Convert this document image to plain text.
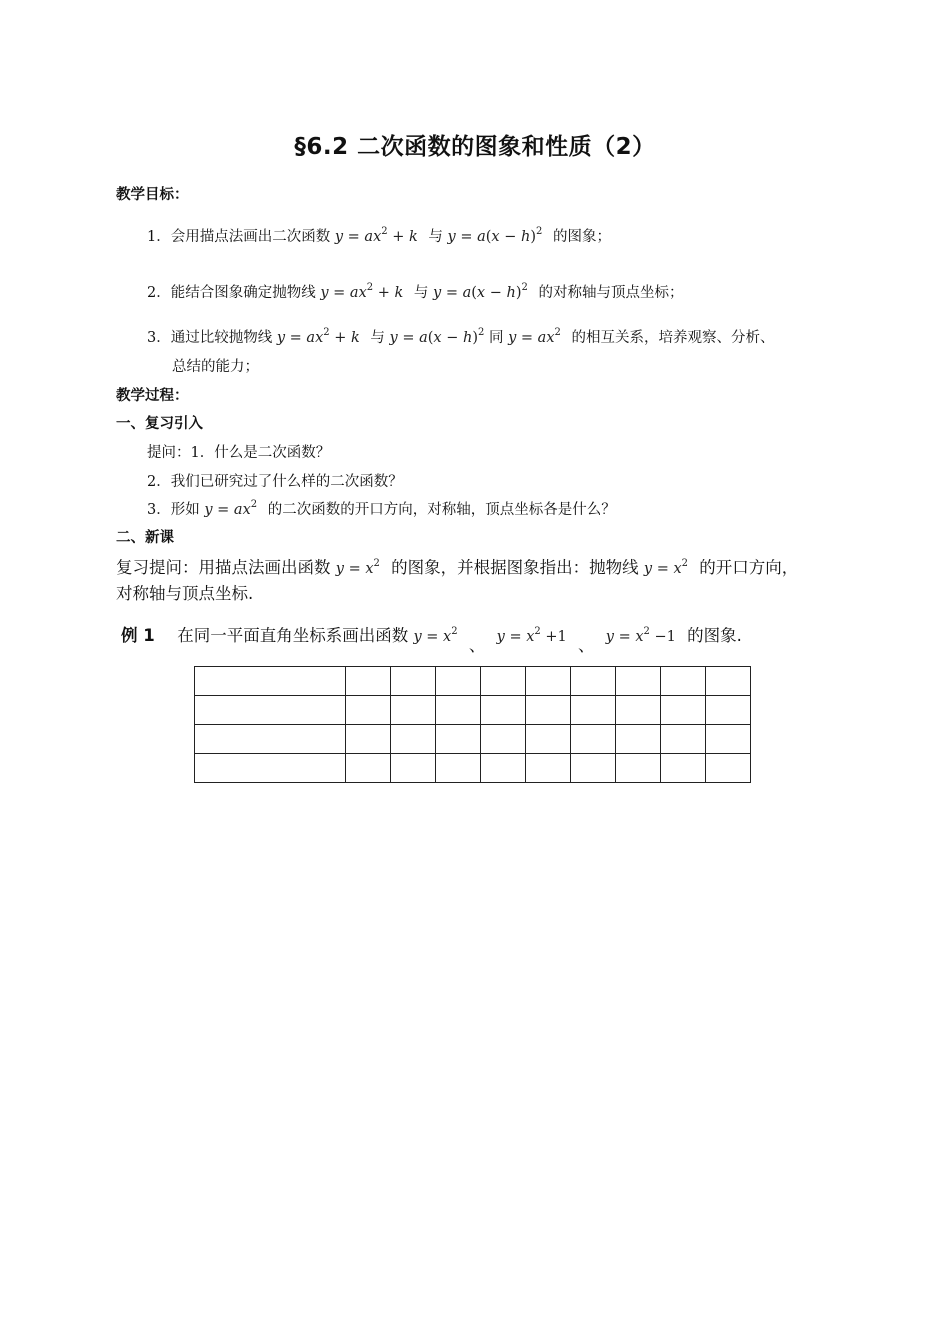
§6.2 二次函数的图象和性质（2）
教学目标：
1．会用描点法画出二次函数 $y = ax^2 + k$ 与 $y = a(x - h)^2$ 的图象；
2．能结合图象确定抛物线 $y = ax^2 + k$ 与 $y = a(x - h)^2$ 的对称轴与顶点坐标；
3．通过比较抛物线 $y = ax^2 + k$ 与 $y = a(x - h)^2$ 同 $y = ax^2$ 的相互关系，培养观察、分析、
总结的能力；
教学过程：
一、复习引入
提问：1．什么是二次函数？
2．我们已研究过了什么样的二次函数？
3．形如 $y = ax^2$ 的二次函数的开口方向，对称轴，顶点坐标各是什么？
二、新课
复习提问：用描点法画出函数 $y = x^2$ 的图象，并根据图象指出：抛物线 $y = x^2$ 的开口方向，
对称轴与顶点坐标.
例 1 在同一平面直角坐标系画出函数 $y = x^2$ 、 $y = x^2 +1$ 、 $y = x^2 -1$ 的图象.
